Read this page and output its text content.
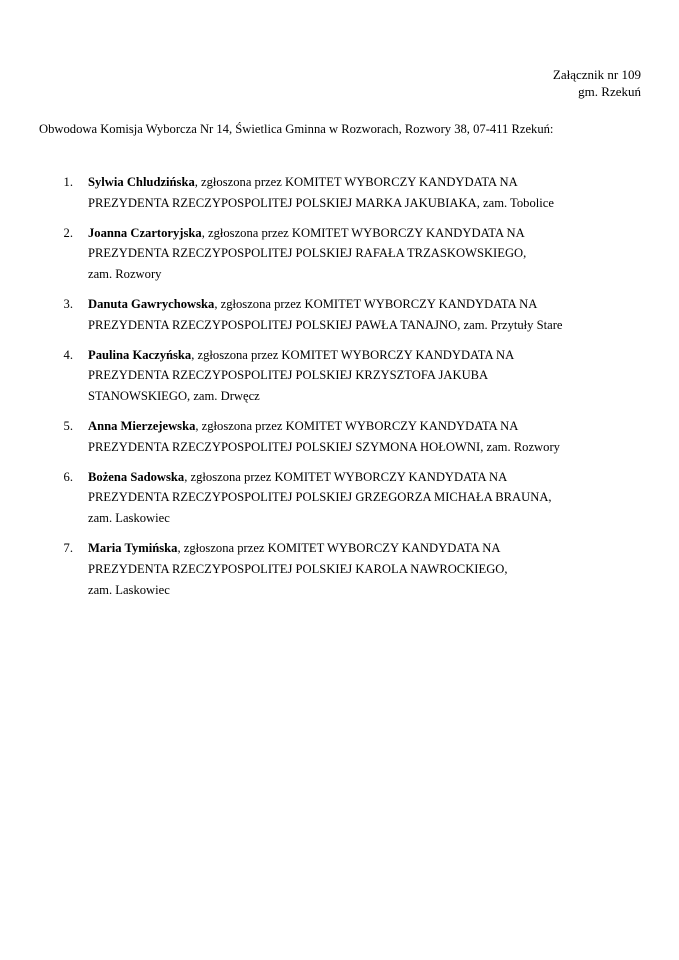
Załącznik nr 109
gm. Rzekuń
Obwodowa Komisja Wyborcza Nr 14, Świetlica Gminna w Rozworach, Rozwory 38, 07-411 Rzekuń:
1.	Sylwia Chludzińska, zgłoszona przez KOMITET WYBORCZY KANDYDATA NA
PREZYDENTA RZECZYPOSPOLITEJ POLSKIEJ MARKA JAKUBIAKA, zam. Tobolice
2.	Joanna Czartoryjska, zgłoszona przez KOMITET WYBORCZY KANDYDATA NA
PREZYDENTA RZECZYPOSPOLITEJ POLSKIEJ RAFAŁA TRZASKOWSKIEGO,
zam. Rozwory
3.	Danuta Gawrychowska, zgłoszona przez KOMITET WYBORCZY KANDYDATA NA
PREZYDENTA RZECZYPOSPOLITEJ POLSKIEJ PAWŁA TANAJNO, zam. Przytuły Stare
4.	Paulina Kaczyńska, zgłoszona przez KOMITET WYBORCZY KANDYDATA NA
PREZYDENTA RZECZYPOSPOLITEJ POLSKIEJ KRZYSZTOFA JAKUBA
STANOWSKIEGO, zam. Drwęcz
5.	Anna Mierzejewska, zgłoszona przez KOMITET WYBORCZY KANDYDATA NA
PREZYDENTA RZECZYPOSPOLITEJ POLSKIEJ SZYMONA HOŁOWNI, zam. Rozwory
6.	Bożena Sadowska, zgłoszona przez KOMITET WYBORCZY KANDYDATA NA
PREZYDENTA RZECZYPOSPOLITEJ POLSKIEJ GRZEGORZA MICHAŁA BRAUNA,
zam. Laskowiec
7.	Maria Tymińska, zgłoszona przez KOMITET WYBORCZY KANDYDATA NA
PREZYDENTA RZECZYPOSPOLITEJ POLSKIEJ KAROLA NAWROCKIEGO,
zam. Laskowiec
